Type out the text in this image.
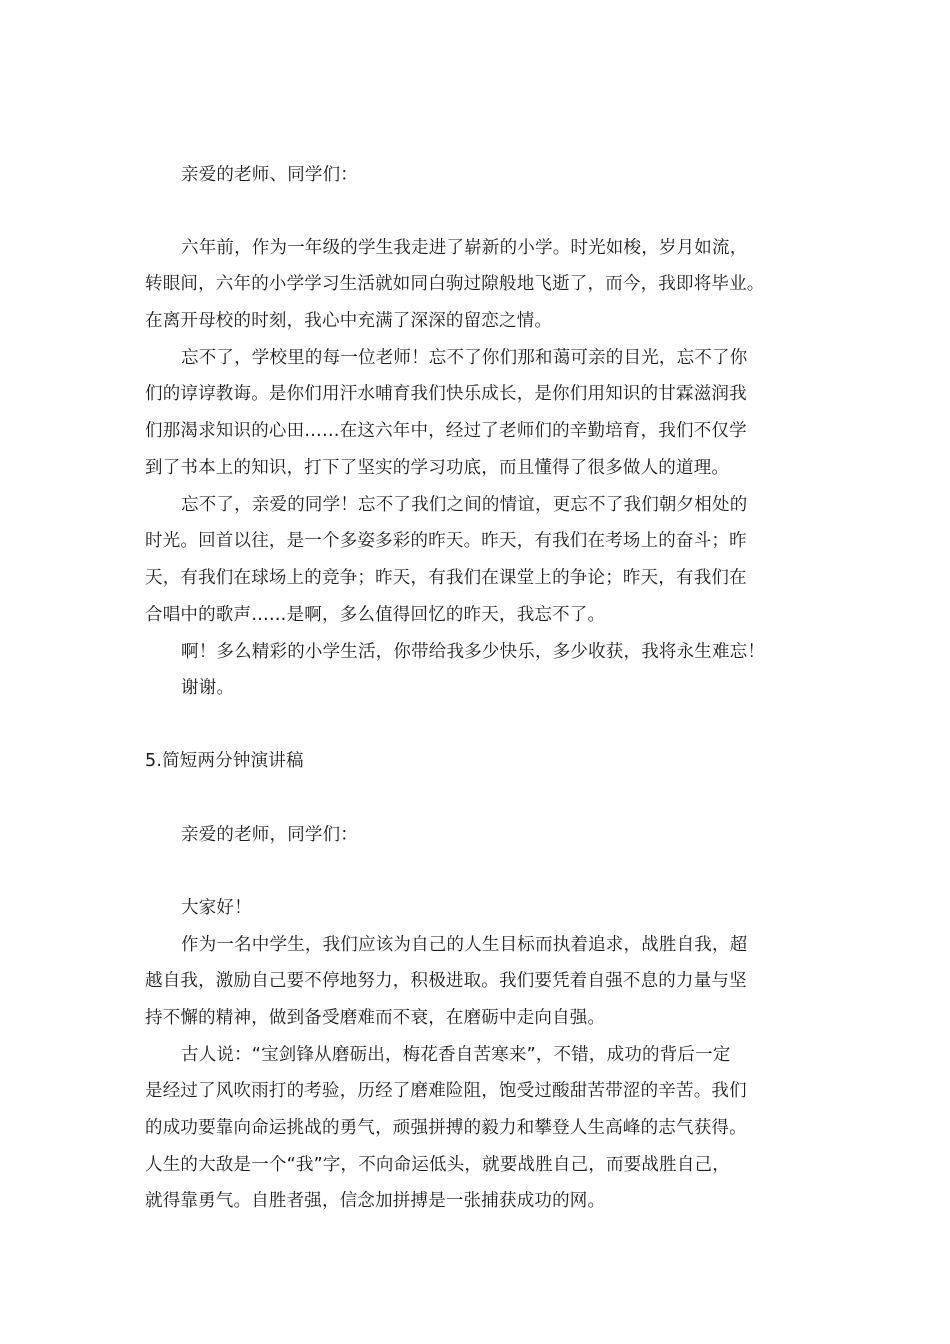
亲爱的老师、同学们：
六年前，作为一年级的学生我走进了崭新的小学。时光如梭，岁月如流，
转眼间，六年的小学学习生活就如同白驹过隙般地飞逝了，而今，我即将毕业。
在离开母校的时刻，我心中充满了深深的留恋之情。
忘不了，学校里的每一位老师！忘不了你们那和蔼可亲的目光，忘不了你
们的谆谆教诲。是你们用汗水哺育我们快乐成长，是你们用知识的甘霖滋润我
们那渴求知识的心田……在这六年中，经过了老师们的辛勤培育，我们不仅学
到了书本上的知识，打下了坚实的学习功底，而且懂得了很多做人的道理。
忘不了，亲爱的同学！忘不了我们之间的情谊，更忘不了我们朝夕相处的
时光。回首以往，是一个多姿多彩的昨天。昨天，有我们在考场上的奋斗；昨
天，有我们在球场上的竞争；昨天，有我们在课堂上的争论；昨天，有我们在
合唱中的歌声……是啊，多么值得回忆的昨天，我忘不了。
啊！多么精彩的小学生活，你带给我多少快乐，多少收获，我将永生难忘！
谢谢。
5.简短两分钟演讲稿
亲爱的老师，同学们：
大家好！
作为一名中学生，我们应该为自己的人生目标而执着追求，战胜自我，超
越自我，激励自己要不停地努力，积极进取。我们要凭着自强不息的力量与坚
持不懈的精神，做到备受磨难而不衰，在磨砺中走向自强。
古人说：“宝剑锋从磨砺出，梅花香自苦寒来”，不错，成功的背后一定
是经过了风吹雨打的考验，历经了磨难险阻，饱受过酸甜苦带涩的辛苦。我们
的成功要靠向命运挑战的勇气，顽强拼搏的毅力和攀登人生高峰的志气获得。
人生的大敌是一个“我”字，不向命运低头，就要战胜自己，而要战胜自己，
就得靠勇气。自胜者强，信念加拼搏是一张捕获成功的网。
